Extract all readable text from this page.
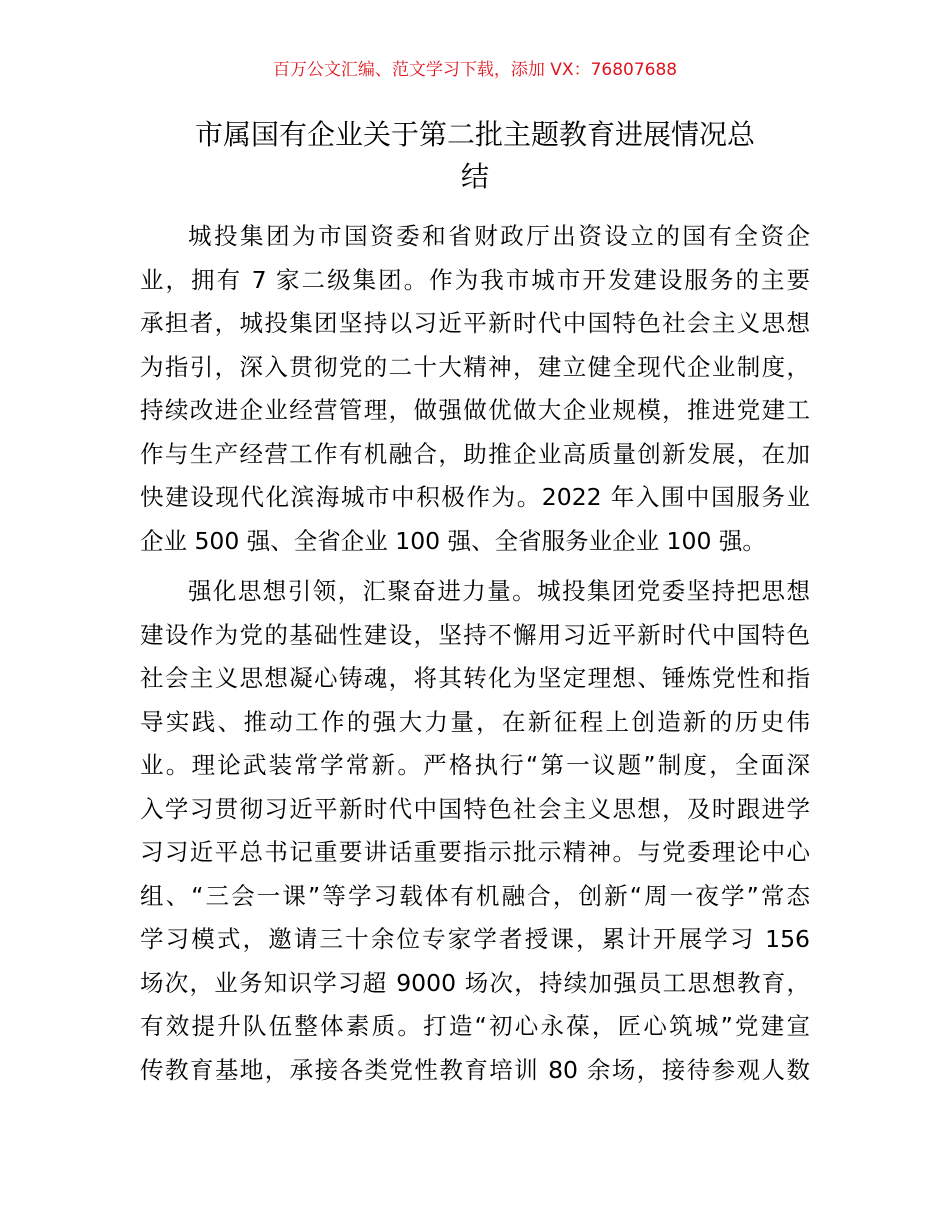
百万公文汇编、范文学习下载，添加 VX：76807688
市属国有企业关于第二批主题教育进展情况总
结
城投集团为市国资委和省财政厅出资设立的国有全资企
业，拥有 7 家二级集团。作为我市城市开发建设服务的主要
承担者，城投集团坚持以习近平新时代中国特色社会主义思想
为指引，深入贯彻党的二十大精神，建立健全现代企业制度，
持续改进企业经营管理，做强做优做大企业规模，推进党建工
作与生产经营工作有机融合，助推企业高质量创新发展，在加
快建设现代化滨海城市中积极作为。2022 年入围中国服务业
企业 500 强、全省企业 100 强、全省服务业企业 100 强。
强化思想引领，汇聚奋进力量。城投集团党委坚持把思想
建设作为党的基础性建设，坚持不懈用习近平新时代中国特色
社会主义思想凝心铸魂，将其转化为坚定理想、锤炼党性和指
导实践、推动工作的强大力量，在新征程上创造新的历史伟
业。理论武装常学常新。严格执行“第一议题”制度，全面深
入学习贯彻习近平新时代中国特色社会主义思想，及时跟进学
习习近平总书记重要讲话重要指示批示精神。与党委理论中心
组、“三会一课”等学习载体有机融合，创新“周一夜学”常态
学习模式，邀请三十余位专家学者授课，累计开展学习 156
场次，业务知识学习超 9000 场次，持续加强员工思想教育，
有效提升队伍整体素质。打造“初心永葆，匠心筑城”党建宣
传教育基地，承接各类党性教育培训 80 余场，接待参观人数
